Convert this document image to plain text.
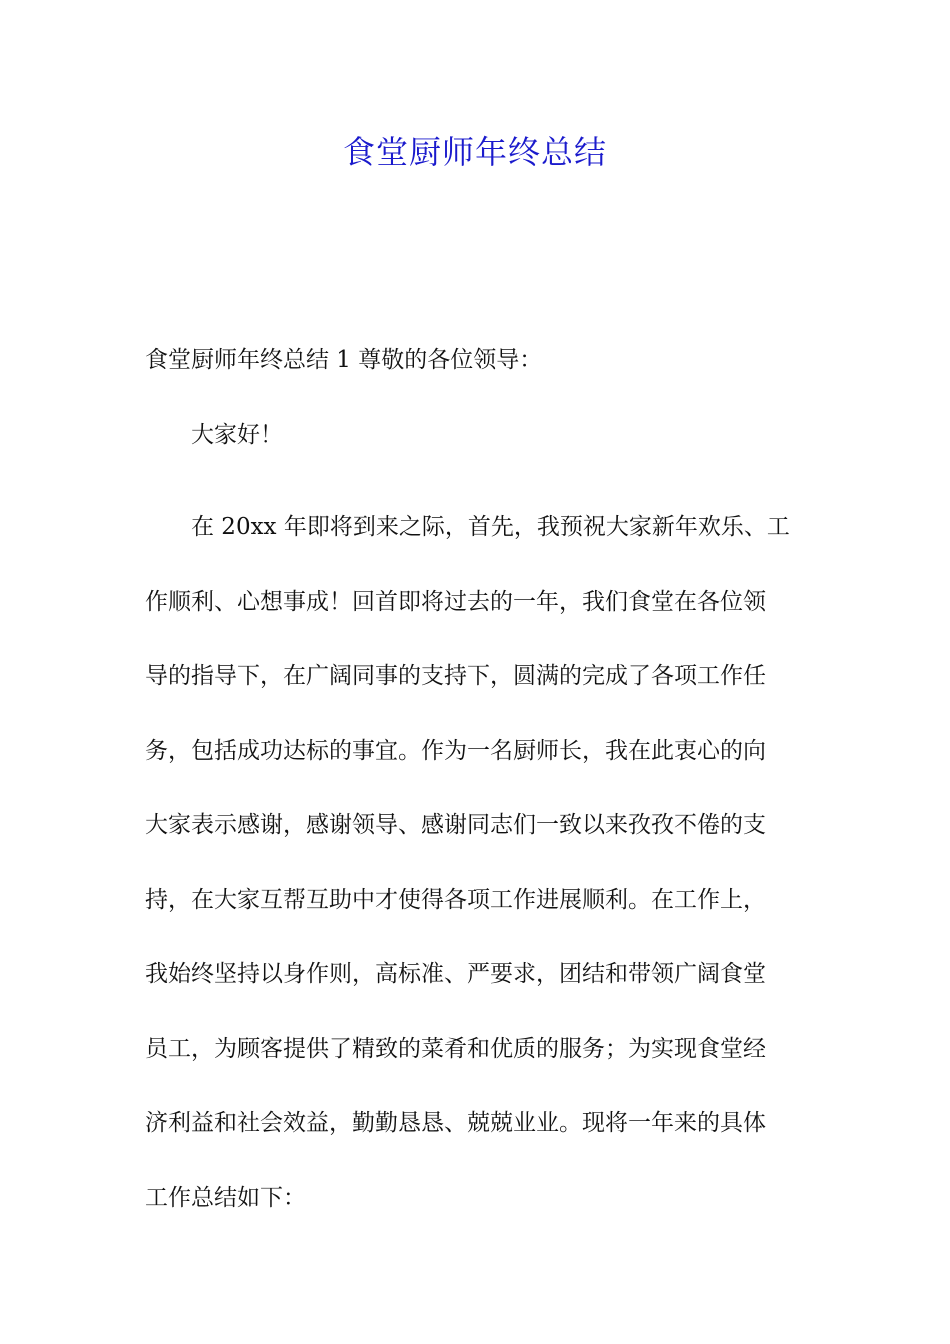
食堂厨师年终总结
食堂厨师年终总结 1 尊敬的各位领导：
大家好！
在 20xx 年即将到来之际，首先，我预祝大家新年欢乐、工
作顺利、心想事成！回首即将过去的一年，我们食堂在各位领
导的指导下，在广阔同事的支持下，圆满的完成了各项工作任
务，包括成功达标的事宜。作为一名厨师长，我在此衷心的向
大家表示感谢，感谢领导、感谢同志们一致以来孜孜不倦的支
持，在大家互帮互助中才使得各项工作进展顺利。在工作上，
我始终坚持以身作则，高标准、严要求，团结和带领广阔食堂
员工，为顾客提供了精致的菜肴和优质的服务；为实现食堂经
济利益和社会效益，勤勤恳恳、兢兢业业。现将一年来的具体
工作总结如下：
